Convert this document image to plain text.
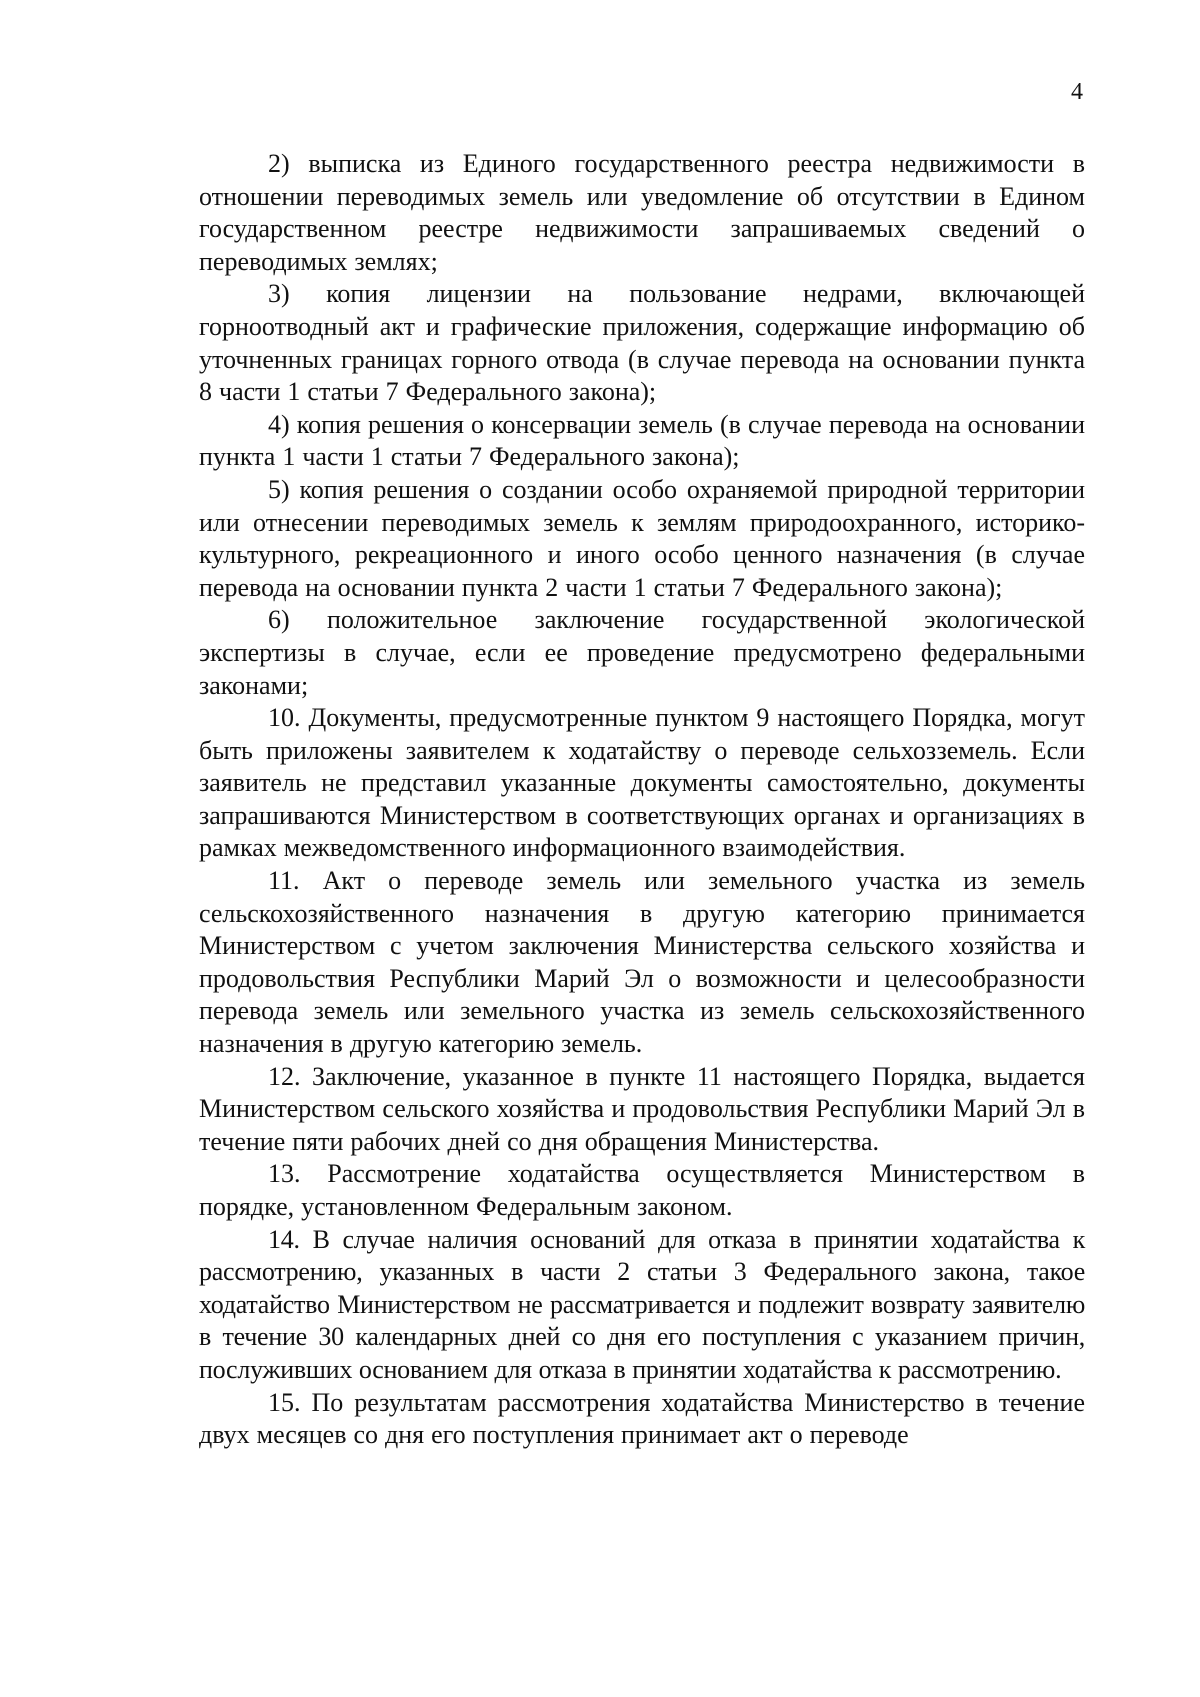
4

2) выписка из Единого государственного реестра недвижимости в отношении переводимых земель или уведомление об отсутствии в Едином государственном реестре недвижимости запрашиваемых сведений о переводимых землях;

3) копия лицензии на пользование недрами, включающей горноотводный акт и графические приложения, содержащие информацию об уточненных границах горного отвода (в случае перевода на основании пункта 8 части 1 статьи 7 Федерального закона);

4) копия решения о консервации земель (в случае перевода на основании пункта 1 части 1 статьи 7 Федерального закона);

5) копия решения о создании особо охраняемой природной территории или отнесении переводимых земель к землям природоохранного, историко-культурного, рекреационного и иного особо ценного назначения (в случае перевода на основании пункта 2 части 1 статьи 7 Федерального закона);

6) положительное заключение государственной экологической экспертизы в случае, если ее проведение предусмотрено федеральными законами;

10. Документы, предусмотренные пунктом 9 настоящего Порядка, могут быть приложены заявителем к ходатайству о переводе сельхозземель. Если заявитель не представил указанные документы самостоятельно, документы запрашиваются Министерством в соответствующих органах и организациях в рамках межведомственного информационного взаимодействия.

11. Акт о переводе земель или земельного участка из земель сельскохозяйственного назначения в другую категорию принимается Министерством с учетом заключения Министерства сельского хозяйства и продовольствия Республики Марий Эл о возможности и целесообразности перевода земель или земельного участка из земель сельскохозяйственного назначения в другую категорию земель.

12. Заключение, указанное в пункте 11 настоящего Порядка, выдается Министерством сельского хозяйства и продовольствия Республики Марий Эл в течение пяти рабочих дней со дня обращения Министерства.

13. Рассмотрение ходатайства осуществляется Министерством в порядке, установленном Федеральным законом.

14. В случае наличия оснований для отказа в принятии ходатайства к рассмотрению, указанных в части 2 статьи 3 Федерального закона, такое ходатайство Министерством не рассматривается и подлежит возврату заявителю в течение 30 календарных дней со дня его поступления с указанием причин, послуживших основанием для отказа в принятии ходатайства к рассмотрению.

15. По результатам рассмотрения ходатайства Министерство в течение двух месяцев со дня его поступления принимает акт о переводе
